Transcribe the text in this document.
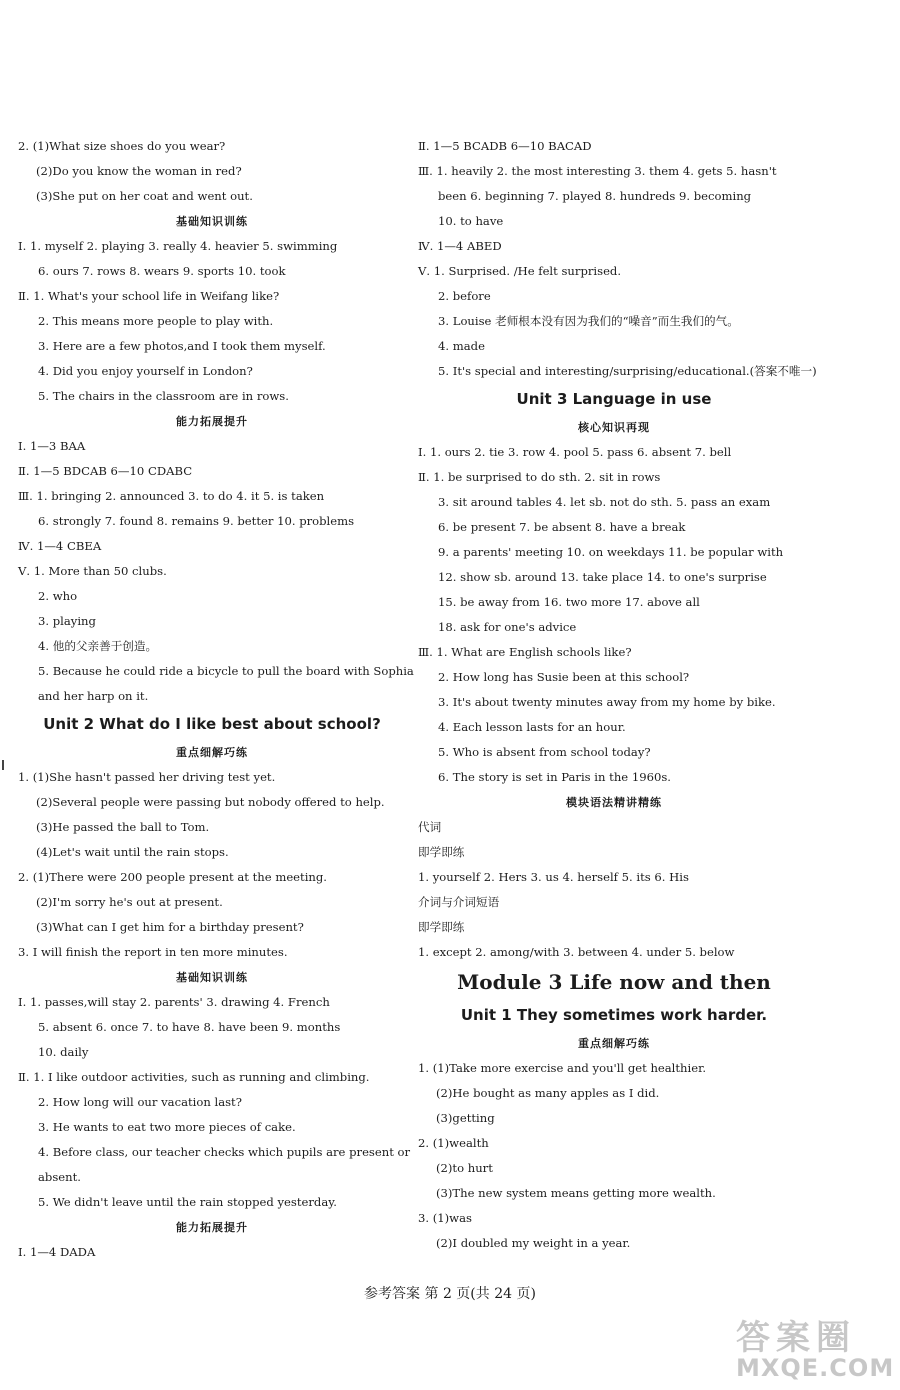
2. (1)What size shoes do you wear?
(2)Do you know the woman in red?
(3)She put on her coat and went out.
基础知识训练
Ⅰ. 1. myself 2. playing 3. really 4. heavier 5. swimming
6. ours 7. rows 8. wears 9. sports 10. took
Ⅱ. 1. What's your school life in Weifang like?
2. This means more people to play with.
3. Here are a few photos,and I took them myself.
4. Did you enjoy yourself in London?
5. The chairs in the classroom are in rows.
能力拓展提升
Ⅰ. 1—3 BAA
Ⅱ. 1—5 BDCAB 6—10 CDABC
Ⅲ. 1. bringing 2. announced 3. to do 4. it 5. is taken
6. strongly 7. found 8. remains 9. better 10. problems
Ⅳ. 1—4 CBEA
Ⅴ. 1. More than 50 clubs.
2. who
3. playing
4. 他的父亲善于创造。
5. Because he could ride a bicycle to pull the board with Sophia
and her harp on it.
Unit 2 What do I like best about school?
重点细解巧练
1. (1)She hasn't passed her driving test yet.
(2)Several people were passing but nobody offered to help.
(3)He passed the ball to Tom.
(4)Let's wait until the rain stops.
2. (1)There were 200 people present at the meeting.
(2)I'm sorry he's out at present.
(3)What can I get him for a birthday present?
3. I will finish the report in ten more minutes.
基础知识训练
Ⅰ. 1. passes,will stay 2. parents' 3. drawing 4. French
5. absent 6. once 7. to have 8. have been 9. months
10. daily
Ⅱ. 1. I like outdoor activities, such as running and climbing.
2. How long will our vacation last?
3. He wants to eat two more pieces of cake.
4. Before class, our teacher checks which pupils are present or
absent.
5. We didn't leave until the rain stopped yesterday.
能力拓展提升
Ⅰ. 1—4 DADA
Ⅱ. 1—5 BCADB 6—10 BACAD
Ⅲ. 1. heavily 2. the most interesting 3. them 4. gets 5. hasn't
been 6. beginning 7. played 8. hundreds 9. becoming
10. to have
Ⅳ. 1—4 ABED
Ⅴ. 1. Surprised. /He felt surprised.
2. before
3. Louise 老师根本没有因为我们的“噪音”而生我们的气。
4. made
5. It's special and interesting/surprising/educational.(答案不唯一)
Unit 3 Language in use
核心知识再现
Ⅰ. 1. ours 2. tie 3. row 4. pool 5. pass 6. absent 7. bell
Ⅱ. 1. be surprised to do sth. 2. sit in rows
3. sit around tables 4. let sb. not do sth. 5. pass an exam
6. be present 7. be absent 8. have a break
9. a parents' meeting 10. on weekdays 11. be popular with
12. show sb. around 13. take place 14. to one's surprise
15. be away from 16. two more 17. above all
18. ask for one's advice
Ⅲ. 1. What are English schools like?
2. How long has Susie been at this school?
3. It's about twenty minutes away from my home by bike.
4. Each lesson lasts for an hour.
5. Who is absent from school today?
6. The story is set in Paris in the 1960s.
模块语法精讲精练
代词
即学即练
1. yourself 2. Hers 3. us 4. herself 5. its 6. His
介词与介词短语
即学即练
1. except 2. among/with 3. between 4. under 5. below
Module 3 Life now and then
Unit 1 They sometimes work harder.
重点细解巧练
1. (1)Take more exercise and you'll get healthier.
(2)He bought as many apples as I did.
(3)getting
2. (1)wealth
(2)to hurt
(3)The new system means getting more wealth.
3. (1)was
(2)I doubled my weight in a year.
参考答案 第 2 页(共 24 页)
答案圈
MXQE.COM
